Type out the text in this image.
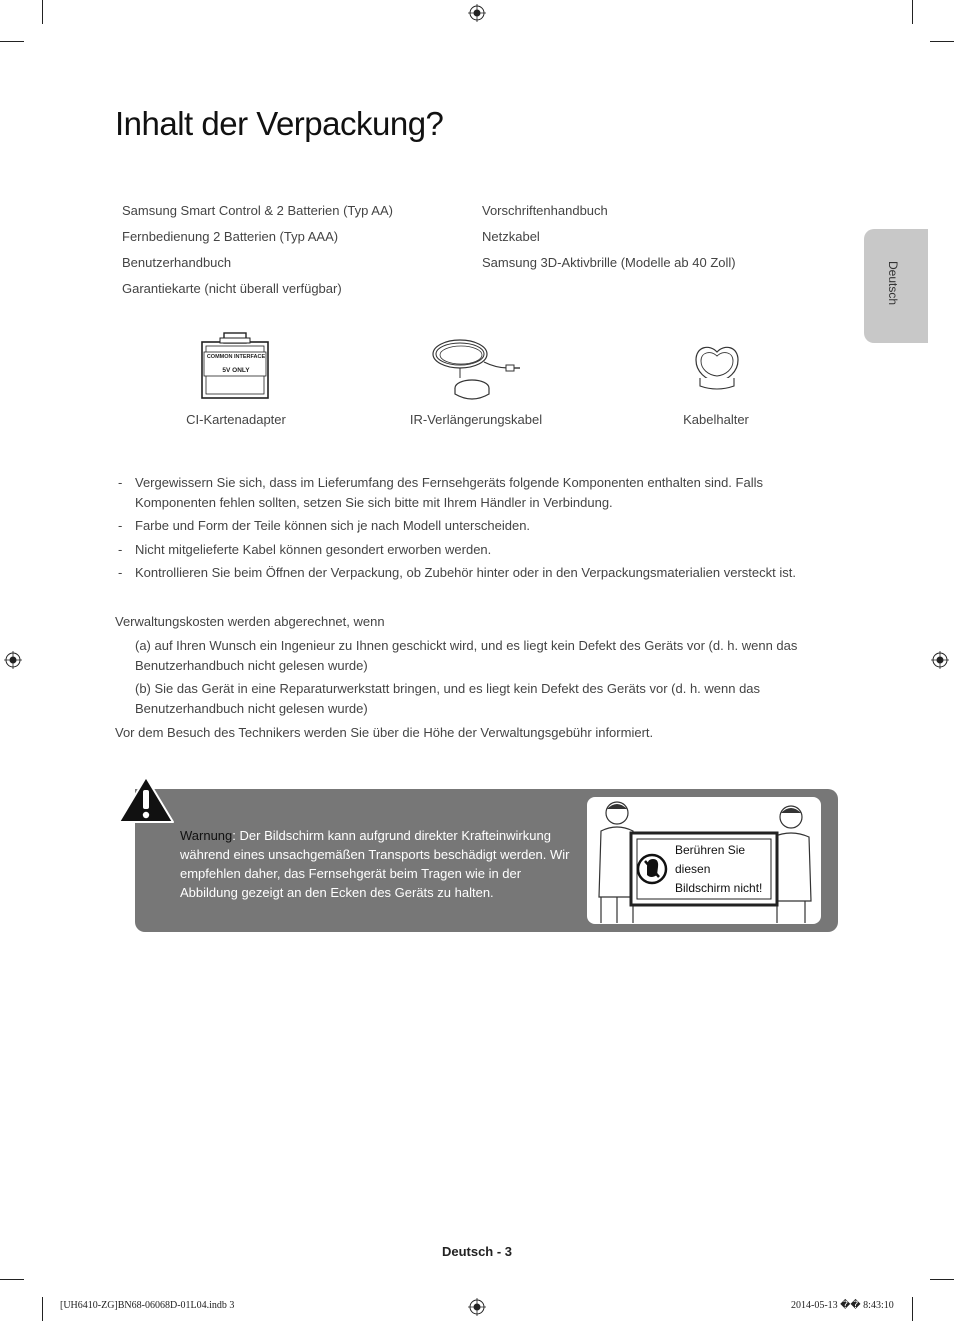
Inhalt der Verpackung?
Deutsch
Samsung Smart Control & 2 Batterien (Typ AA)
Fernbedienung 2 Batterien (Typ AAA)
Benutzerhandbuch
Garantiekarte (nicht überall verfügbar)
Vorschriftenhandbuch
Netzkabel
Samsung 3D-Aktivbrille (Modelle ab 40 Zoll)
COMMON INTERFACE
5V ONLY
CI-Kartenadapter	IR-Verlängerungskabel	Kabelhalter
- Vergewissern Sie sich, dass im Lieferumfang des Fernsehgeräts folgende Komponenten enthalten sind. Falls Komponenten fehlen sollten, setzen Sie sich bitte mit Ihrem Händler in Verbindung.
- Farbe und Form der Teile können sich je nach Modell unterscheiden.
- Nicht mitgelieferte Kabel können gesondert erworben werden.
- Kontrollieren Sie beim Öffnen der Verpackung, ob Zubehör hinter oder in den Verpackungsmaterialien versteckt ist.
Verwaltungskosten werden abgerechnet, wenn
(a) auf Ihren Wunsch ein Ingenieur zu Ihnen geschickt wird, und es liegt kein Defekt des Geräts vor (d. h. wenn das Benutzerhandbuch nicht gelesen wurde)
(b) Sie das Gerät in eine Reparaturwerkstatt bringen, und es liegt kein Defekt des Geräts vor (d. h. wenn das Benutzerhandbuch nicht gelesen wurde)
Vor dem Besuch des Technikers werden Sie über die Höhe der Verwaltungsgebühr informiert.
Warnung: Der Bildschirm kann aufgrund direkter Krafteinwirkung während eines unsachgemäßen Transports beschädigt werden. Wir empfehlen daher, das Fernsehgerät beim Tragen wie in der Abbildung gezeigt an den Ecken des Geräts zu halten.
Berühren Sie
diesen
Bildschirm nicht!
Deutsch - 3
[UH6410-ZG]BN68-06068D-01L04.indb 3	2014-05-13 �� 8:43:10
